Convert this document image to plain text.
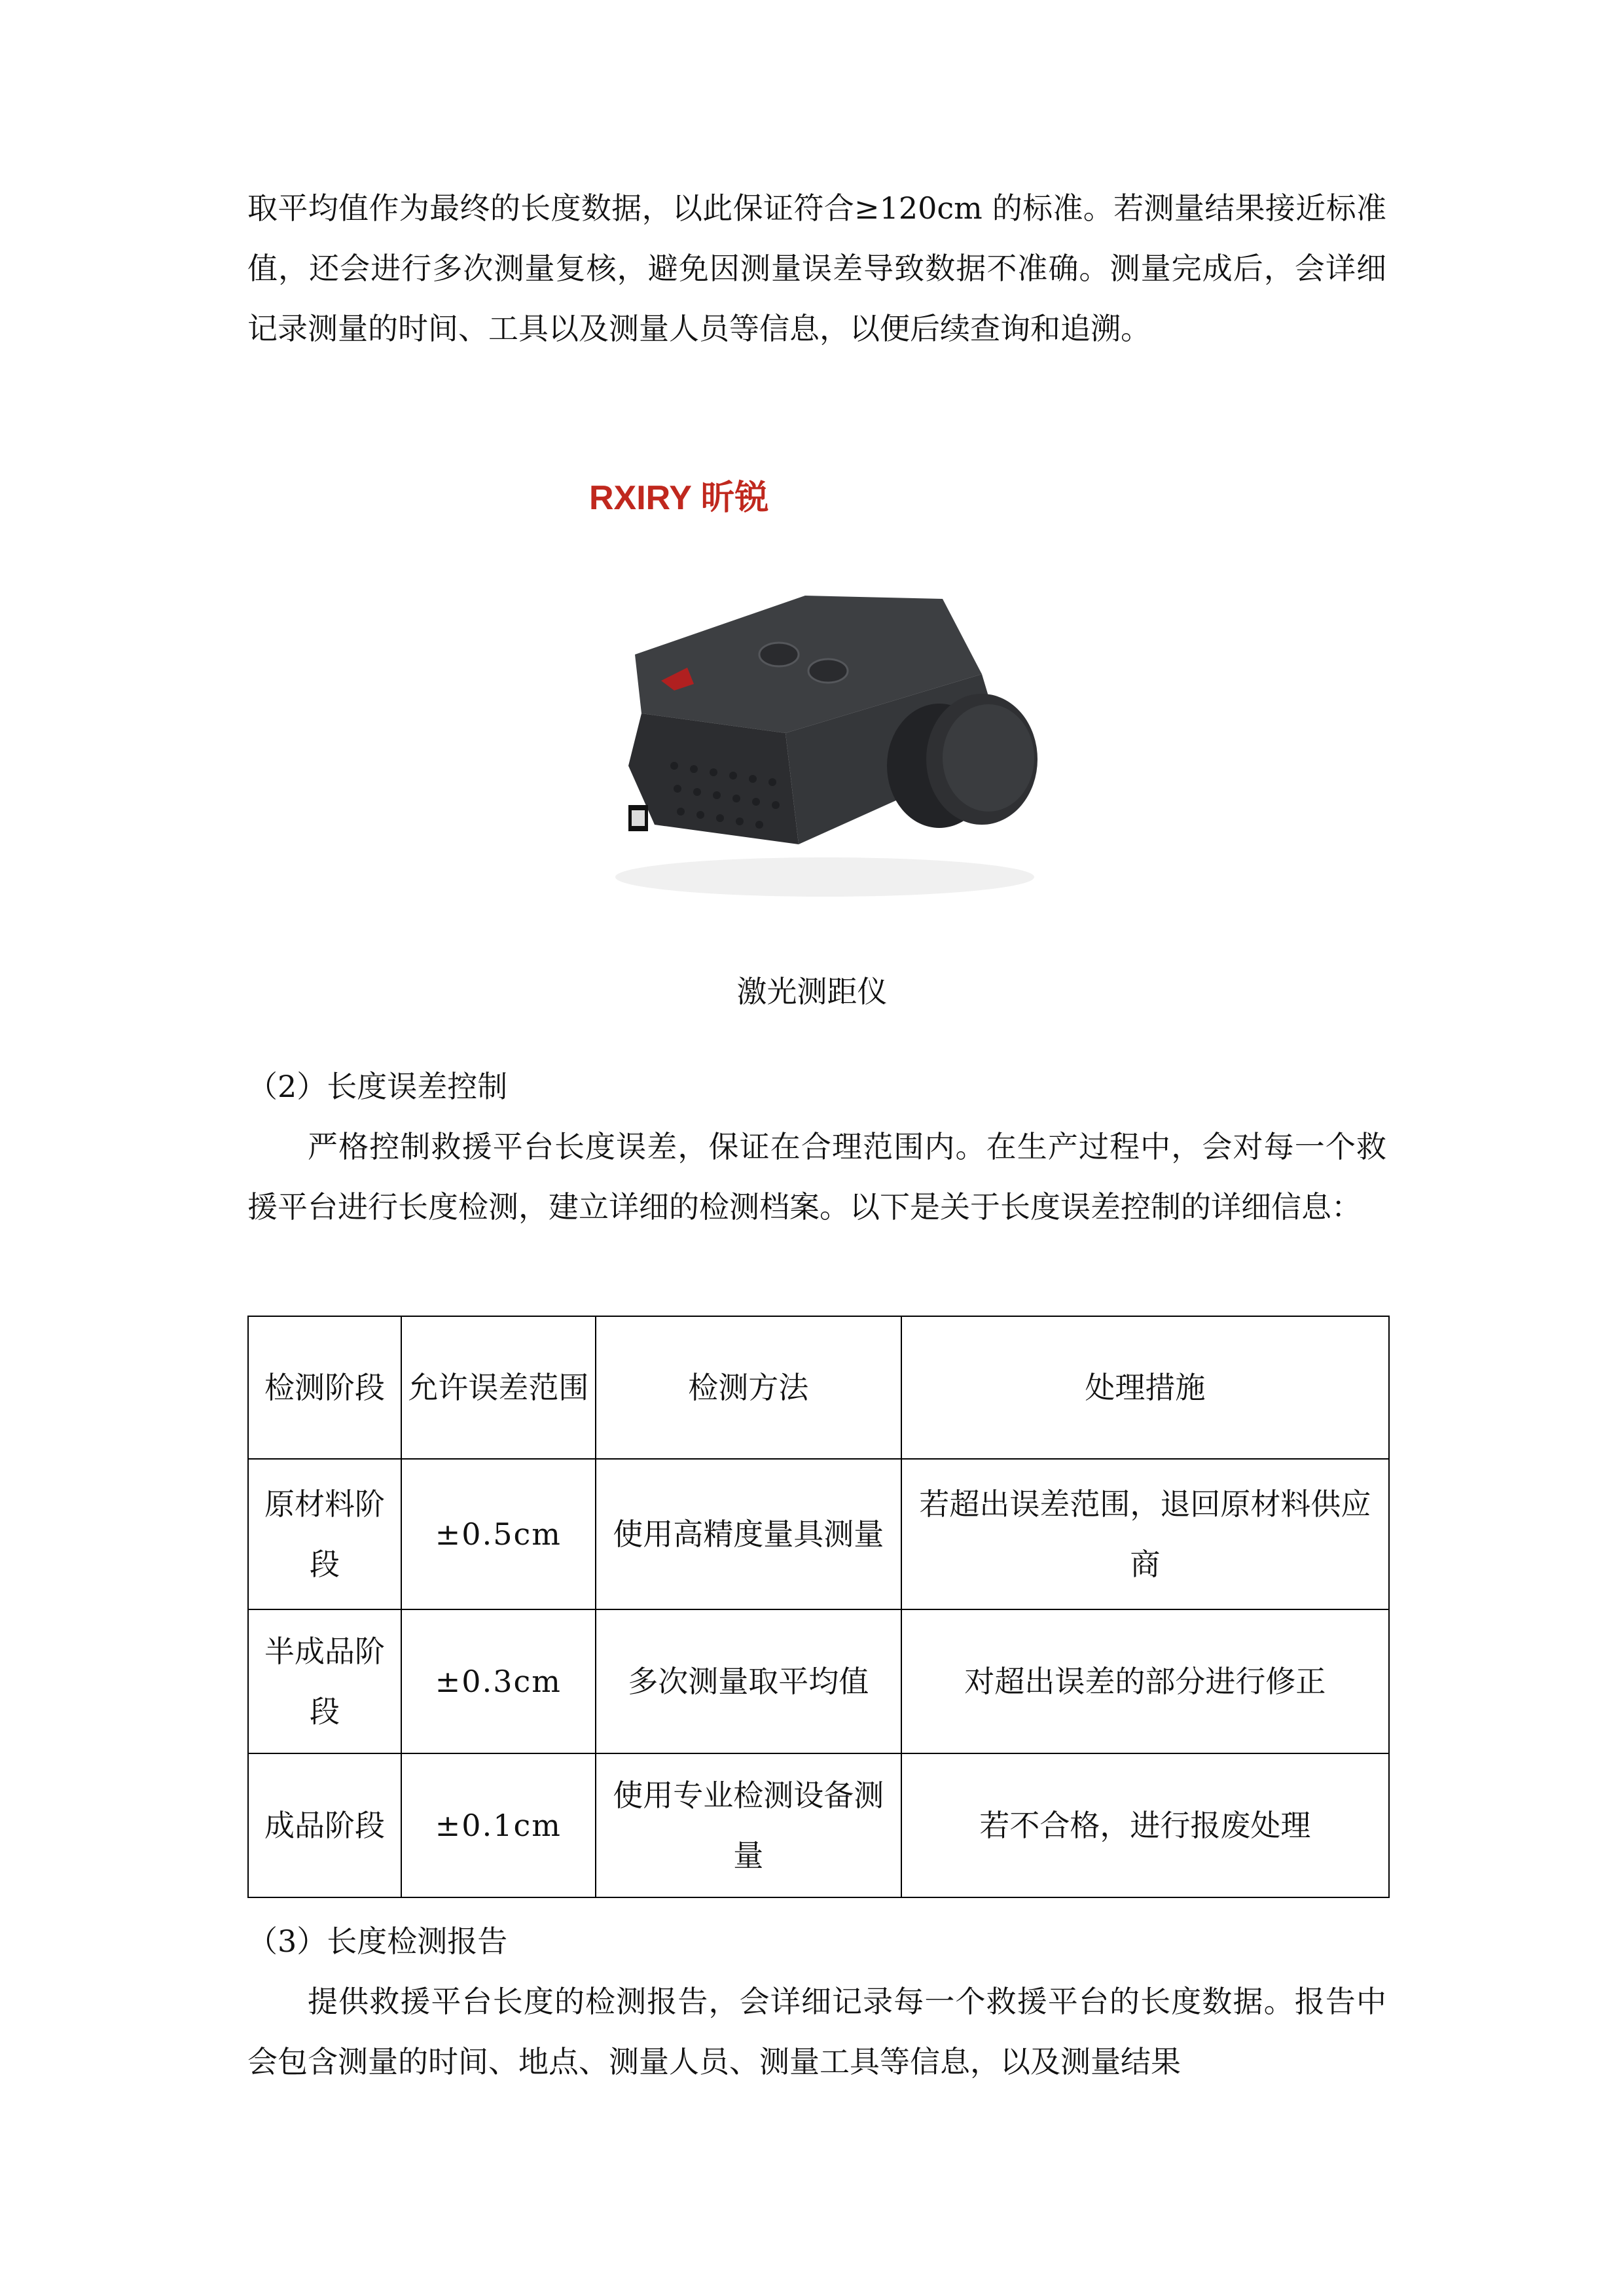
取平均值作为最终的长度数据，以此保证符合≥120cm 的标准。若测量结果接近标准值，还会进行多次测量复核，避免因测量误差导致数据不准确。测量完成后，会详细记录测量的时间、工具以及测量人员等信息，以便后续查询和追溯。

RXIRY 昕锐
激光测距仪

（2）长度误差控制

严格控制救援平台长度误差，保证在合理范围内。在生产过程中，会对每一个救援平台进行长度检测，建立详细的检测档案。以下是关于长度误差控制的详细信息：

检测阶段	允许误差范围	检测方法	处理措施
原材料阶段	±0.5cm	使用高精度量具测量	若超出误差范围，退回原材料供应商
半成品阶段	±0.3cm	多次测量取平均值	对超出误差的部分进行修正
成品阶段	±0.1cm	使用专业检测设备测量	若不合格，进行报废处理

（3）长度检测报告

提供救援平台长度的检测报告，会详细记录每一个救援平台的长度数据。报告中会包含测量的时间、地点、测量人员、测量工具等信息，以及测量结果
